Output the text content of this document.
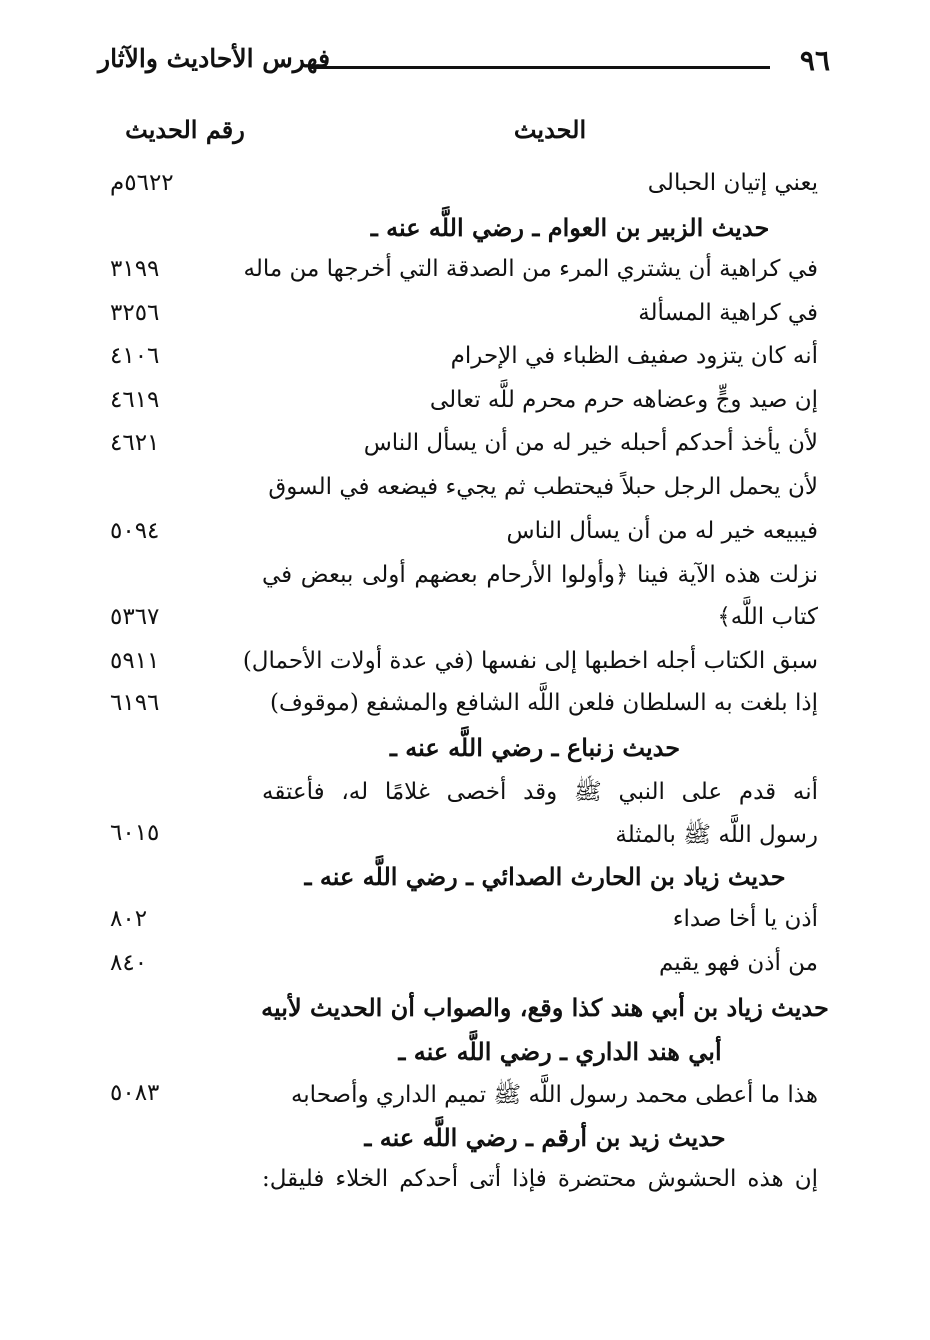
٩٦
فهرس الأحاديث والآثار
الحديث
رقم الحديث
يعني إتيان الحبالى
٥٦٢٢م
حديث الزبير بن العوام ـ رضي اللَّه عنه ـ
في كراهية أن يشتري المرء من الصدقة التي أخرجها من ماله
٣١٩٩
في كراهية المسألة
٣٢٥٦
أنه كان يتزود صفيف الظباء في الإحرام
٤١٠٦
إن صيد وجٍّ وعضاهه حرم محرم للَّه تعالى
٤٦١٩
لأن يأخذ أحدكم أحبله خير له من أن يسأل الناس
٤٦٢١
لأن يحمل الرجل حبلاً فيحتطب ثم يجيء فيضعه في السوق
فيبيعه خير له من أن يسأل الناس
٥٠٩٤
نزلت هذه الآية فينا ﴿وأولوا الأرحام بعضهم أولى ببعض في
كتاب اللَّه﴾
٥٣٦٧
سبق الكتاب أجله اخطبها إلى نفسها (في عدة أولات الأحمال)
٥٩١١
إذا بلغت به السلطان فلعن اللَّه الشافع والمشفع (موقوف)
٦١٩٦
حديث زنباع ـ رضي اللَّه عنه ـ
أنه قدم على النبي ﷺ وقد أخصى غلامًا له، فأعتقه
رسول اللَّه ﷺ بالمثلة
٦٠١٥
حديث زياد بن الحارث الصدائي ـ رضي اللَّه عنه ـ
أذن يا أخا صداء
٨٠٢
من أذن فهو يقيم
٨٤٠
حديث زياد بن أبي هند كذا وقع، والصواب أن الحديث لأبيه
أبي هند الداري ـ رضي اللَّه عنه ـ
هذا ما أعطى محمد رسول اللَّه ﷺ تميم الداري وأصحابه
٥٠٨٣
حديث زيد بن أرقم ـ رضي اللَّه عنه ـ
إن هذه الحشوش محتضرة فإذا أتى أحدكم الخلاء فليقل:
